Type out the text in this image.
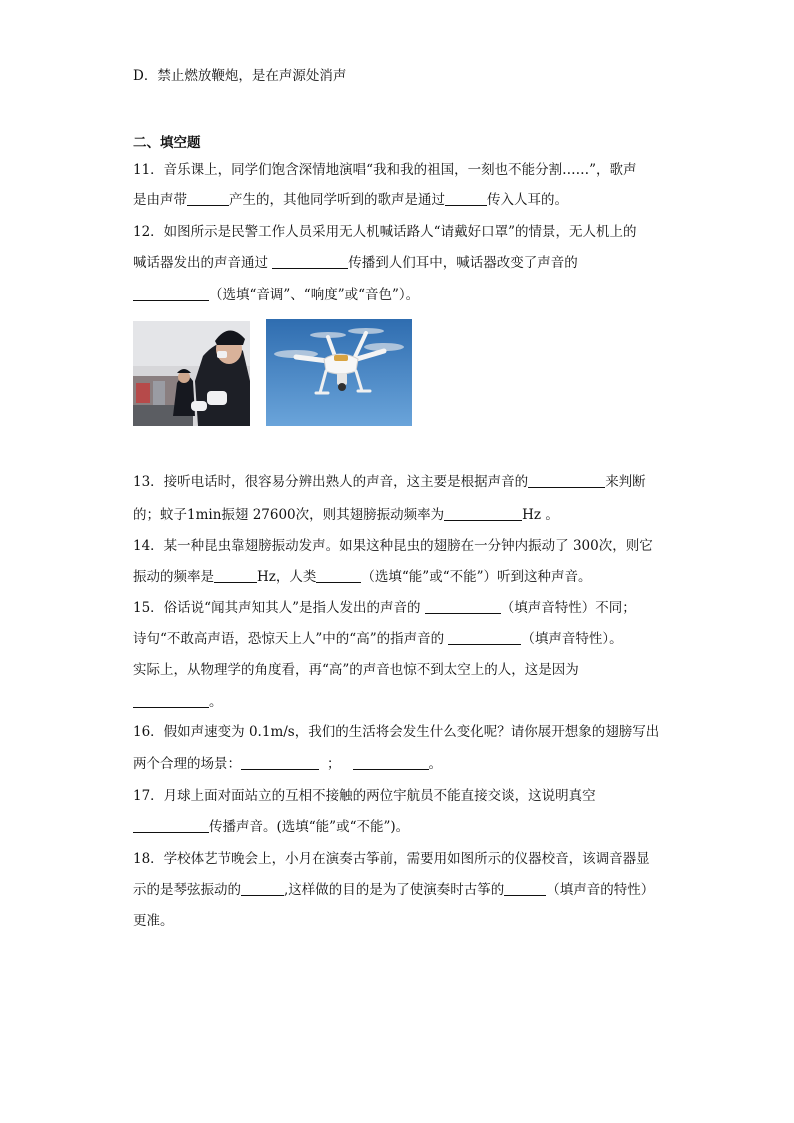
D．禁止燃放鞭炮，是在声源处消声
二、填空题
11．音乐课上，同学们饱含深情地演唱“我和我的祖国，一刻也不能分割……”，歌声
是由声带	产生的，其他同学听到的歌声是通过	传入人耳的。
12．如图所示是民警工作人员采用无人机喊话路人“请戴好口罩”的情景，无人机上的
喊话器发出的声音通过	传播到人们耳中，喊话器改变了声音的
（选填“音调”、“响度”或“音色”）。
13．接听电话时，很容易分辨出熟人的声音，这主要是根据声音的	来判断
的；蚊子1min振翅 27600次，则其翅膀振动频率为	Hz 。
14．某一种昆虫靠翅膀振动发声。如果这种昆虫的翅膀在一分钟内振动了 300次，则它
振动的频率是	Hz，人类	（选填“能”或“不能”）听到这种声音。
15．俗话说“闻其声知其人”是指人发出的声音的	（填声音特性）不同；
诗句“不敢高声语，恐惊天上人”中的“高”的指声音的	（填声音特性）。
实际上，从物理学的角度看，再“高”的声音也惊不到太空上的人，这是因为
。
16．假如声速变为 0.1m/s，我们的生活将会发生什么变化呢？请你展开想象的翅膀写出
两个合理的场景：	；	。
17．月球上面对面站立的互相不接触的两位宇航员不能直接交谈，这说明真空
传播声音。(选填“能”或“不能”)。
18．学校体艺节晚会上，小月在演奏古筝前，需要用如图所示的仪器校音，该调音器显
示的是琴弦振动的	,这样做的目的是为了使演奏时古筝的	（填声音的特性）
更准。
